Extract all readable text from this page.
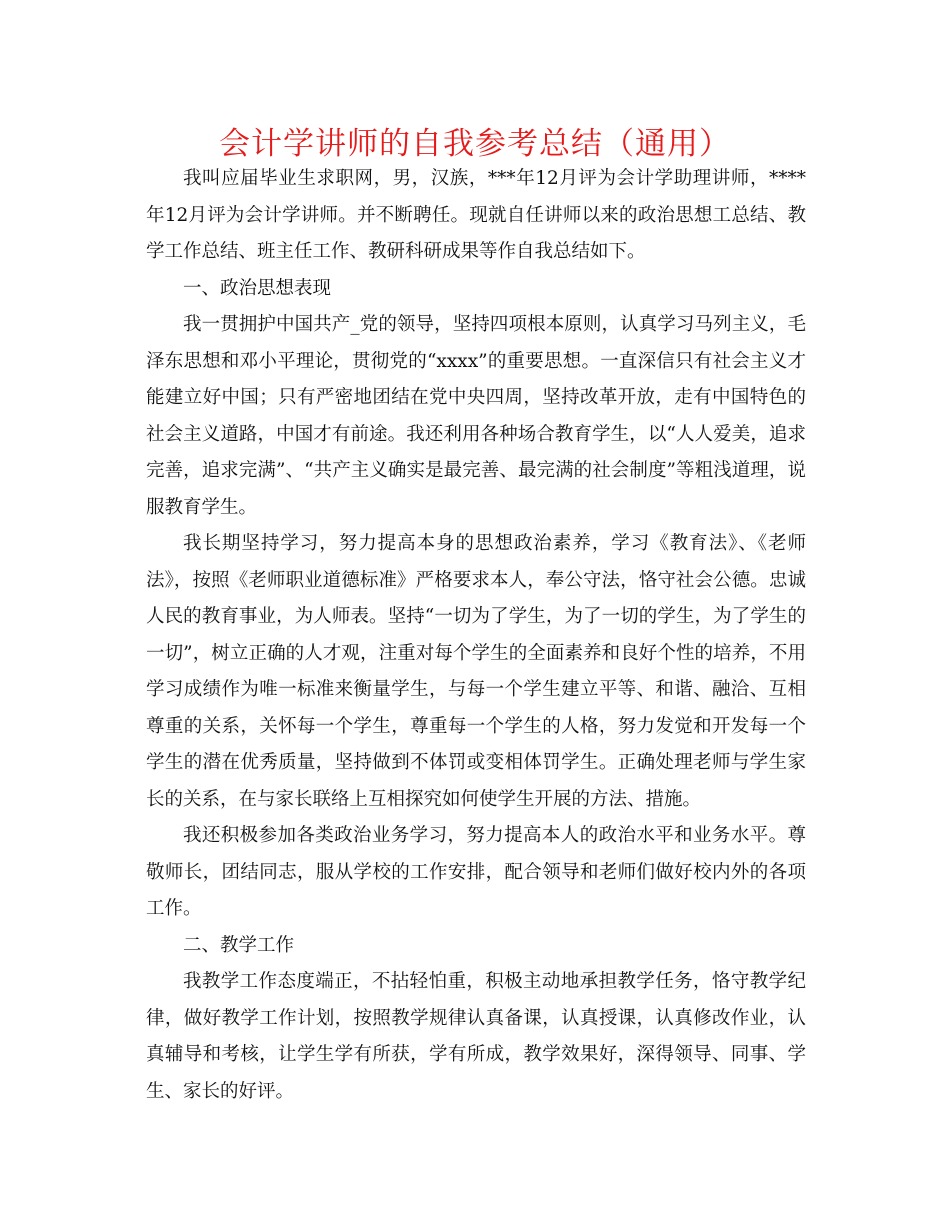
会计学讲师的自我参考总结（通用）

我叫应届毕业生求职网，男，汉族，***年12月评为会计学助理讲师，****年12月评为会计学讲师。并不断聘任。现就自任讲师以来的政治思想工总结、教学工作总结、班主任工作、教研科研成果等作自我总结如下。

一、政治思想表现

我一贯拥护中国共产_党的领导，坚持四项根本原则，认真学习马列主义，毛泽东思想和邓小平理论，贯彻党的“xxxx”的重要思想。一直深信只有社会主义才能建立好中国；只有严密地团结在党中央四周，坚持改革开放，走有中国特色的社会主义道路，中国才有前途。我还利用各种场合教育学生，以“人人爱美，追求完善，追求完满”、“共产主义确实是最完善、最完满的社会制度”等粗浅道理，说服教育学生。

我长期坚持学习，努力提高本身的思想政治素养，学习《教育法》、《老师法》，按照《老师职业道德标准》严格要求本人，奉公守法，恪守社会公德。忠诚人民的教育事业，为人师表。坚持“一切为了学生，为了一切的学生，为了学生的一切”，树立正确的人才观，注重对每个学生的全面素养和良好个性的培养，不用学习成绩作为唯一标准来衡量学生，与每一个学生建立平等、和谐、融洽、互相尊重的关系，关怀每一个学生，尊重每一个学生的人格，努力发觉和开发每一个学生的潜在优秀质量，坚持做到不体罚或变相体罚学生。正确处理老师与学生家长的关系，在与家长联络上互相探究如何使学生开展的方法、措施。

我还积极参加各类政治业务学习，努力提高本人的政治水平和业务水平。尊敬师长，团结同志，服从学校的工作安排，配合领导和老师们做好校内外的各项工作。

二、教学工作

我教学工作态度端正，不拈轻怕重，积极主动地承担教学任务，恪守教学纪律，做好教学工作计划，按照教学规律认真备课，认真授课，认真修改作业，认真辅导和考核，让学生学有所获，学有所成，教学效果好，深得领导、同事、学生、家长的好评。
